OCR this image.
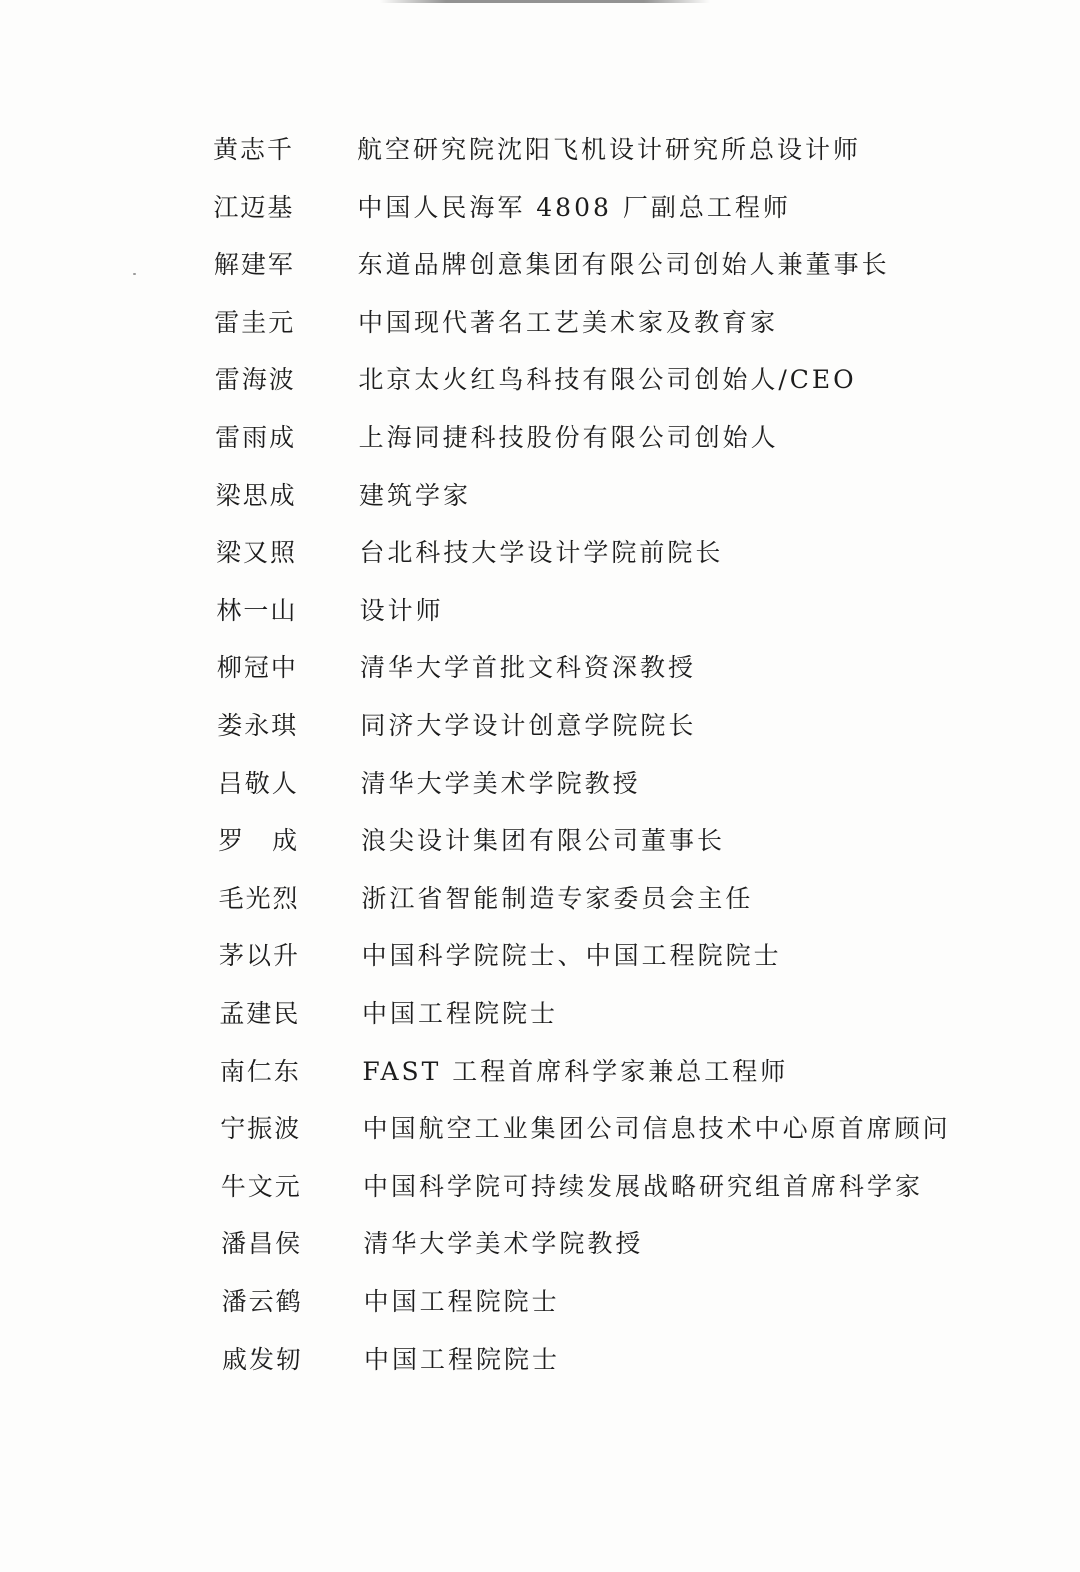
黄志千	航空研究院沈阳飞机设计研究所总设计师
江迈基	中国人民海军 4808 厂副总工程师
解建军	东道品牌创意集团有限公司创始人兼董事长
雷圭元	中国现代著名工艺美术家及教育家
雷海波	北京太火红鸟科技有限公司创始人/CEO
雷雨成	上海同捷科技股份有限公司创始人
梁思成	建筑学家
梁又照	台北科技大学设计学院前院长
林一山	设计师
柳冠中	清华大学首批文科资深教授
娄永琪	同济大学设计创意学院院长
吕敬人	清华大学美术学院教授
罗　成	浪尖设计集团有限公司董事长
毛光烈	浙江省智能制造专家委员会主任
茅以升	中国科学院院士、中国工程院院士
孟建民	中国工程院院士
南仁东	FAST 工程首席科学家兼总工程师
宁振波	中国航空工业集团公司信息技术中心原首席顾问
牛文元	中国科学院可持续发展战略研究组首席科学家
潘昌侯	清华大学美术学院教授
潘云鹤	中国工程院院士
戚发轫	中国工程院院士
